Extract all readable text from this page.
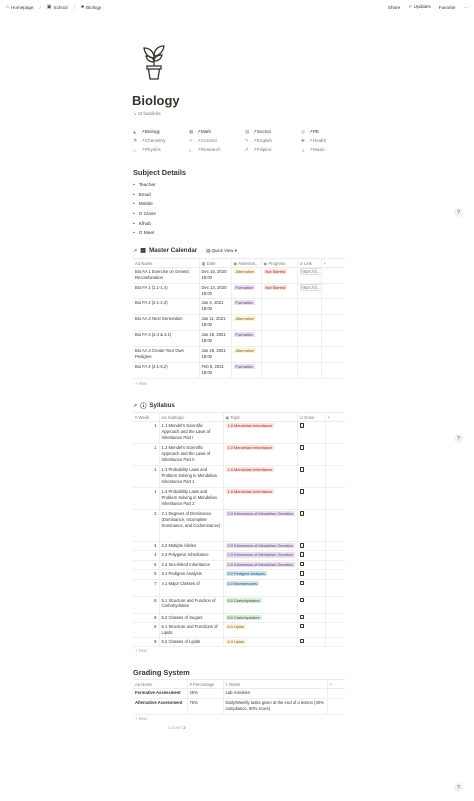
⌂ Homepage / ▣ School / ♣ Biology	Share ✓ Updates Favorite ···
Biology
↘ 12 backlinks
♣	↗Biology	▦ ↗Math	▤ ↗SocSci	◎ ↗PE
⚗ ↗Chemistry	⚛ ↗CoreSci	✎ ↗English	✚ ↗Health
∩	↗Physics	⌕	↗Research	✐ ↗Filipino	♫ ↗Music
Subject Details
• Teacher
• Email
• Mobile
• G Class
• Klhub
• G Meet
↗ ▦ Master Calendar ▤ Quick View ▾
Aa Name	▦ Date	◉ Assessm...	◉ Progress	⊘ Link	+
Bio AA 1 Exercise on Genetic Recombination	Dec 16, 2020
18:00	Alternative	Not Started	https://cl...	
Bio FA 1 (1.1-1.4)	Dec 14, 2020
18:00	Formative	Not Started	https://cl...	
Bio FA 2 (2.1-2.3)	Jan 4, 2021
18:00	Formative			
Bio AA 2 Next Generation	Jan 11, 2021
18:00	Alternative			
Bio FA 3 (2.4 & 3.1)	Jan 18, 2021
18:00	Formative			
Bio AA 3 Create Your Own Pedigree	Jan 25, 2021
18:00	Alternative			
Bio FA 4 (4.1-6.2)	Feb 8, 2021
18:00	Formative			
+ New
↗ ⓘ Syllabus
# Week	Aa Subtopic	◉ Topic	☑ Done	+
1	1.1 Mendel's Scientific Approach and the Laws of Inheritance Part I	1.0 Mendelian Inheritance		
1	1.2 Mendel's Scientific Approach and the Laws of Inheritance Part II	1.0 Mendelian Inheritance		
1	1.3 Probability Laws and Problem Solving in Mendelian Inheritance Part 1	1.0 Mendelian Inheritance		
1	1.4 Probability Laws and Problem Solving in Mendelian Inheritance Part 2	1.0 Mendelian Inheritance		
2	2.1 Degrees of Dominance (Dominance, Incomplete Dominance, and Codominance)	2.0 Extensions of Mendelian Genetics		
4	2.2 Multiple Alleles	2.0 Extensions of Mendelian Genetics		
4	2.3 Polygenic Inheritance	2.0 Extensions of Mendelian Genetics		
5	2.4 Sex-linked Inheritance	2.0 Extensions of Mendelian Genetics		
5	3.1 Pedigree Analysis	3.0 Pedigree Analysis		
7	4.1 Major Classes of	4.0 Biomolecules		
8	5.1 Structure and Function of Carbohydrates	5.0 Carbohydrates		
8	5.2 Classes of Sugars	5.0 Carbohydrates		
8	6.1 Structure and Functions of Lipids	6.0 Lipids		
8	6.2 Classes of Lipids	6.0 Lipids		
+ New
Grading System
Aa Name	# Percentage	≡ Notes	+
Formative Assessment	25%	Lab Activities	
Alternative Assessment	75%	Daily/Weekly tasks given at the end of a lesson (40% compliance, 60% score)	
+ New
COUNT 2
?
?
?
